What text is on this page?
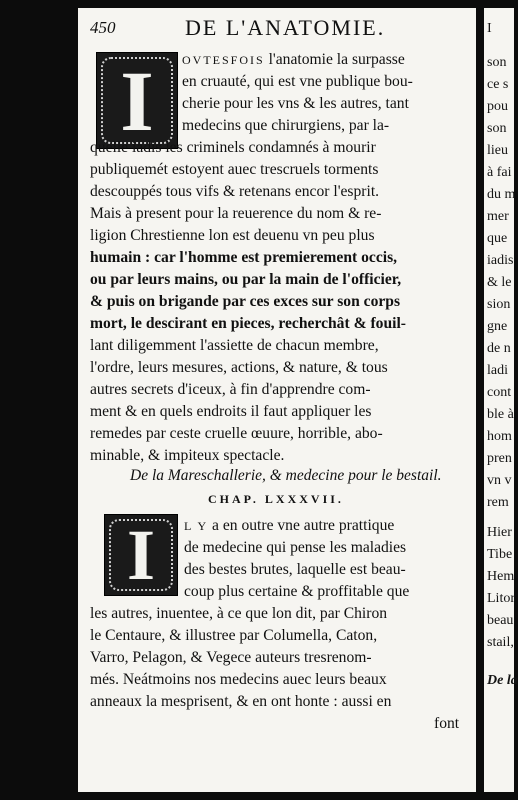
450	DE L'ANATOMIE.
I	OVTESFOIS l'anatomie la surpasse
en cruauté, qui est vne publique bou-
cherie pour les vns & les autres, tant
medecins que chirurgiens, par la-
quelle iadis les criminels condamnés à mourir
publiquemét estoyent auec trescruels torments
descouppés tous vifs & retenans encor l'esprit.
Mais à present pour la reuerence du nom & re-
ligion Chrestienne lon est deuenu vn peu plus
humain : car l'homme est premierement occis,
ou par leurs mains, ou par la main de l'officier,
& puis on brigande par ces exces sur son corps
mort, le descirant en pieces, recherchât & fouil-
lant diligemment l'assiette de chacun membre,
l'ordre, leurs mesures, actions, & nature, & tous
autres secrets d'iceux, à fin d'apprendre com-
ment & en quels endroits il faut appliquer les
remedes par ceste cruelle œuure, horrible, abo-
minable, & impiteux spectacle.
De la Mareschallerie, & medecine pour le bestail.
CHAP. LXXXVII.
I	L Y a en outre vne autre prattique
de medecine qui pense les maladies
des bestes brutes, laquelle est beau-
coup plus certaine & proffitable que
les autres, inuentee, à ce que lon dit, par Chiron
le Centaure, & illustree par Columella, Caton,
Varro, Pelagon, & Vegece auteurs tresrenom-
més. Neátmoins nos medecins auec leurs beaux
anneaux la mesprisent, & en ont honte : aussi en
font
I
son
ce s
pou
son
lieu
à fai
du m
mer
que
iadis
& le
sion
gne
de n
ladi
cont
ble à
hom
pren
vn v
rem
Hier
Tibe
Hem
Litor
beau
stail,
De la
